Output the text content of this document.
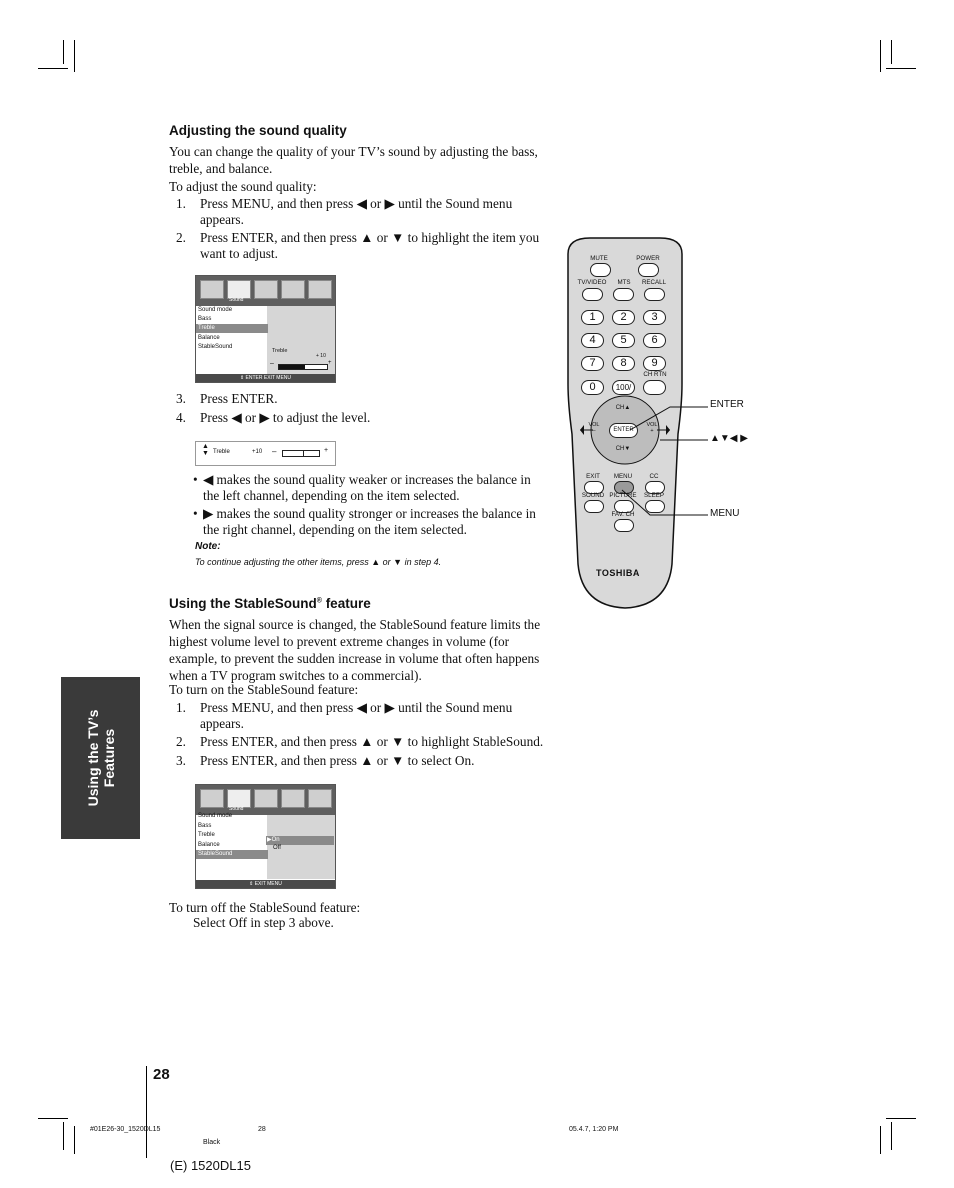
Adjusting the sound quality
You can change the quality of your TV’s sound by adjusting the bass, treble, and balance.
To adjust the sound quality:
1. Press MENU, and then press ◀ or ▶ until the Sound menu appears.
2. Press ENTER, and then press ▲ or ▼ to highlight the item you want to adjust.
Sound
Sound mode
Bass
Treble
Balance
StableSound
Treble
+ 10
–	+
⇕ ENTER EXIT MENU
3. Press ENTER.
4. Press ◀ or ▶ to adjust the level.
▲
▼ Treble	+10 –	+
• ◀ makes the sound quality weaker or increases the balance in the left channel, depending on the item selected.
• ▶ makes the sound quality stronger or increases the balance in the right channel, depending on the item selected.
Note:
To continue adjusting the other items, press ▲ or ▼ in step 4.
Using the StableSound® feature
When the signal source is changed, the StableSound feature limits the highest volume level to prevent extreme changes in volume (for example, to prevent the sudden increase in volume that often happens when a TV program switches to a commercial).
To turn on the StableSound feature:
1. Press MENU, and then press ◀ or ▶ until the Sound menu appears.
2. Press ENTER, and then press ▲ or ▼ to highlight StableSound.
3. Press ENTER, and then press ▲ or ▼ to select On.
Sound
Sound mode
Bass
Treble
Balance
StableSound
▶On
Off
⇕ EXIT MENU
To turn off the StableSound feature:
Select Off in step 3 above.
Using the TV’s Features
MUTE	POWER
TV/VIDEO	MTS	RECALL
1	2	3
4	5	6
7	8	9
CH RTN
0	100/
CH▲
VOL
–	ENTER
VOL
+
CH▼
EXIT	MENU	CC
SOUND PICTURE	SLEEP
FAV. CH
TOSHIBA
ENTER
▲▼◀ ▶
MENU
28
#01E26-30_1520DL15	28	05.4.7, 1:20 PM
Black
(E) 1520DL15
